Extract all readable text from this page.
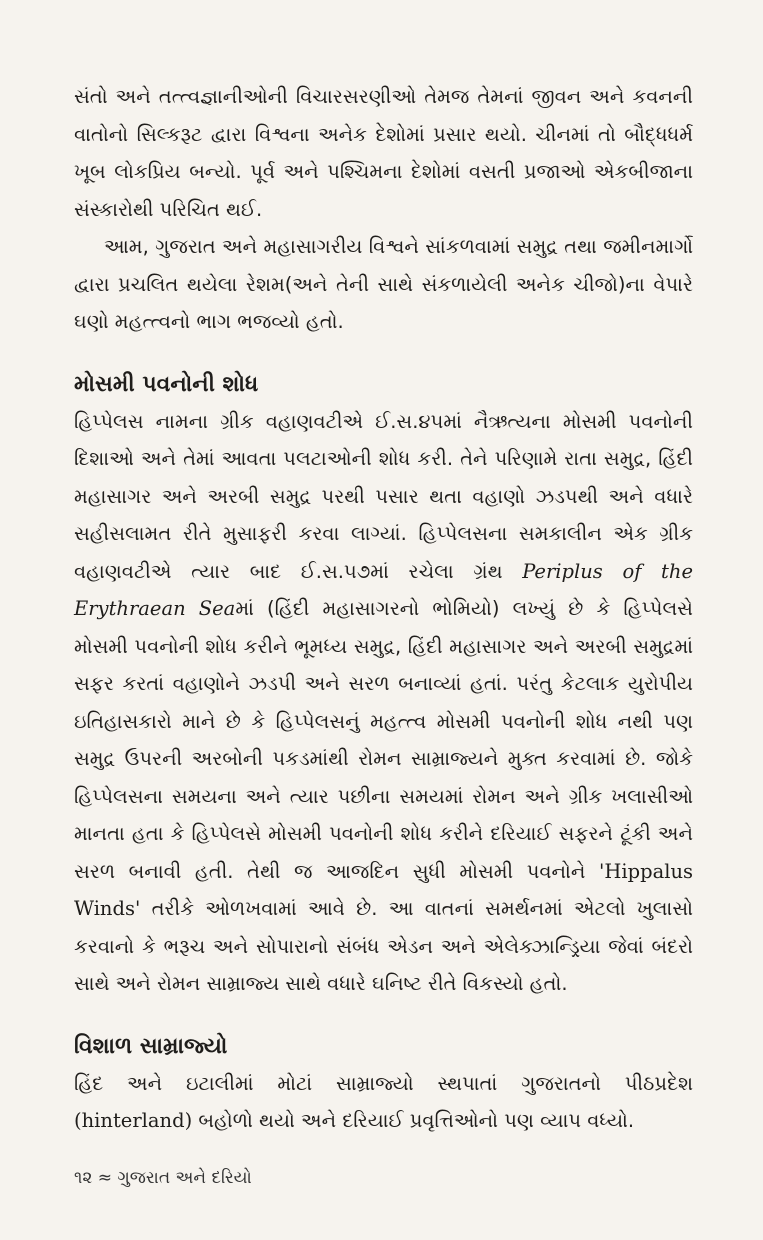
સંતો અને તત્ત્વજ્ઞાનીઓની વિચારસરણીઓ તેમજ તેમનાં જીવન અને કવનની વાતોનો સિલ્કરૂટ દ્વારા વિશ્વના અનેક દેશોમાં પ્રસાર થયો. ચીનમાં તો બૌદ્ધધર્મ ખૂબ લોકપ્રિય બન્યો. પૂર્વ અને પશ્ચિમના દેશોમાં વસતી પ્રજાઓ એકબીજાના સંસ્કારોથી પરિચિત થઈ.

આમ, ગુજરાત અને મહાસાગરીય વિશ્વને સાંકળવામાં સમુદ્ર તથા જમીનમાર્ગો દ્વારા પ્રચલિત થયેલા રેશમ(અને તેની સાથે સંકળાયેલી અનેક ચીજો)ના વેપારે ઘણો મહત્ત્વનો ભાગ ભજવ્યો હતો.

મોસમી પવનોની શોધ

હિપ્પેલસ નામના ગ્રીક વહાણવટીએ ઈ.સ.૪૫માં નૈઋત્યના મોસમી પવનોની દિશાઓ અને તેમાં આવતા પલટાઓની શોધ કરી. તેને પરિણામે રાતા સમુદ્ર, હિંદી મહાસાગર અને અરબી સમુદ્ર પરથી પસાર થતા વહાણો ઝડપથી અને વધારે સહીસલામત રીતે મુસાફરી કરવા લાગ્યાં. હિપ્પેલસના સમકાલીન એક ગ્રીક વહાણવટીએ ત્યાર બાદ ઈ.સ.૫૭માં રચેલા ગ્રંથ Periplus of the Erythraean Seaમાં (હિંદી મહાસાગરનો ભોમિયો) લખ્યું છે કે હિપ્પેલસે મોસમી પવનોની શોધ કરીને ભૂમધ્ય સમુદ્ર, હિંદી મહાસાગર અને અરબી સમુદ્રમાં સફર કરતાં વહાણોને ઝડપી અને સરળ બનાવ્યાં હતાં. પરંતુ કેટલાક યુરોપીય ઇતિહાસકારો માને છે કે હિપ્પેલસનું મહત્ત્વ મોસમી પવનોની શોધ નથી પણ સમુદ્ર ઉપરની અરબોની પકડમાંથી રોમન સામ્રાજ્યને મુક્ત કરવામાં છે. જોકે હિપ્પેલસના સમયના અને ત્યાર પછીના સમયમાં રોમન અને ગ્રીક ખલાસીઓ માનતા હતા કે હિપ્પેલસે મોસમી પવનોની શોધ કરીને દરિયાઈ સફરને ટૂંકી અને સરળ બનાવી હતી. તેથી જ આજદિન સુધી મોસમી પવનોને 'Hippalus Winds' તરીકે ઓળખવામાં આવે છે. આ વાતનાં સમર્થનમાં એટલો ખુલાસો કરવાનો કે ભરૂચ અને સોપારાનો સંબંધ એડન અને એલેક્ઝાન્ડ્રિયા જેવાં બંદરો સાથે અને રોમન સામ્રાજ્ય સાથે વધારે ઘનિષ્ટ રીતે વિકસ્યો હતો.

વિશાળ સામ્રાજ્યો

હિંદ અને ઇટાલીમાં મોટાં સામ્રાજ્યો સ્થપાતાં ગુજરાતનો પીઠપ્રદેશ (hinterland) બહોળો થયો અને દરિયાઈ પ્રવૃત્તિઓનો પણ વ્યાપ વધ્યો.

૧૨ ≈ ગુજરાત અને દરિયો
